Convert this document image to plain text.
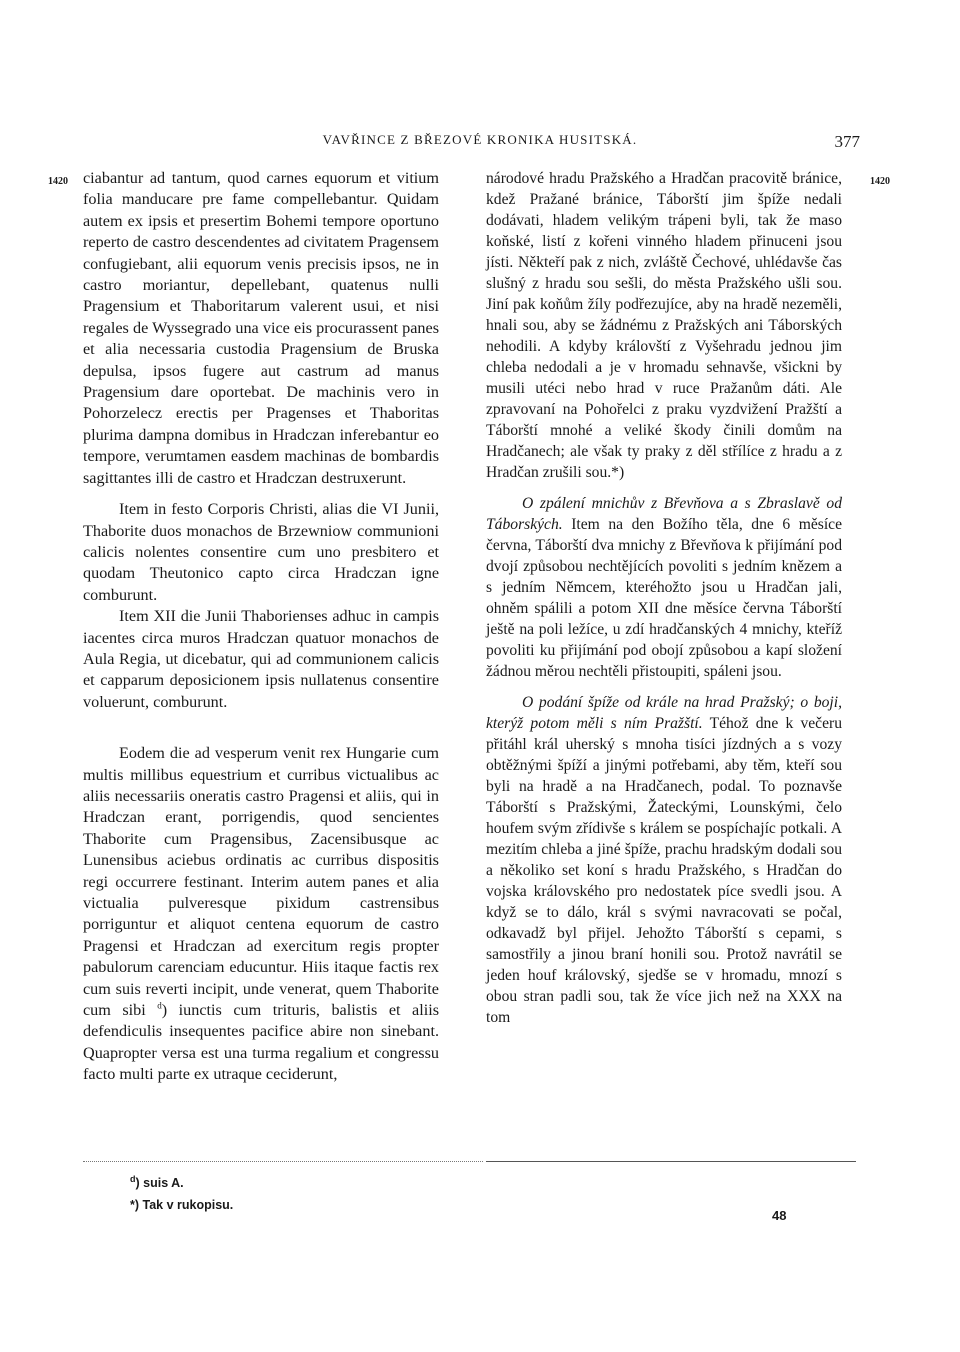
VAVŘINCE Z BŘEZOVÉ KRONIKA HUSITSKÁ.	377
1420	1420

ciabantur ad tantum, quod carnes equorum et vitium folia manducare pre fame compellebantur. Quidam autem ex ipsis et presertim Bohemi tempore oportuno reperto de castro descendentes ad civitatem Pragensem confugiebant, alii equorum venis precisis ipsos, ne in castro moriantur, depellebant, quatenus nulli Pragensium et Thaboritarum valerent usui, et nisi regales de Wyssegrado una vice eis procurassent panes et alia necessaria custodia Pragensium de Bruska depulsa, ipsos fugere aut castrum ad manus Pragensium dare oportebat. De machinis vero in Pohorzelecz erectis per Pragenses et Thaboritas plurima dampna domibus in Hradczan inferebantur eo tempore, verumtamen easdem machinas de bombardis sagittantes illi de castro et Hradczan destruxerunt.

Item in festo Corporis Christi, alias die VI Junii, Thaborite duos monachos de Brzewniow communioni calicis nolentes consentire cum uno presbitero et quodam Theutonico capto circa Hradczan igne comburunt.

Item XII die Junii Thaborienses adhuc in campis iacentes circa muros Hradczan quatuor monachos de Aula Regia, ut dicebatur, qui ad communionem calicis et capparum deposicionem ipsis nullatenus consentire voluerunt, comburunt.

Eodem die ad vesperum venit rex Hungarie cum multis millibus equestrium et curribus victualibus ac aliis necessariis oneratis castro Pragensi et aliis, qui in Hradczan erant, porrigendis, quod sencientes Thaborite cum Pragensibus, Zacensibusque ac Lunensibus aciebus ordinatis ac curribus dispositis regi occurrere festinant. Interim autem panes et alia victualia pulveresque pixidum castrensibus porriguntur et aliquot centena equorum de castro Pragensi et Hradczan ad exercitum regis propter pabulorum carenciam educuntur. Hiis itaque factis rex cum suis reverti incipit, unde venerat, quem Thaborite cum sibi $^d$) iunctis cum trituris, balistis et aliis defendiculis insequentes pacifice abire non sinebant. Quapropter versa est una turma regalium et congressu facto multi parte ex utraque ceciderunt,

národové hradu Pražského a Hradčan pracovitě bránice, kdež Pražané bránice, Táborští jim špíže nedali dodávati, hladem velikým trápeni byli, tak že maso koňské, listí z kořeni vinného hladem přinuceni jsou jísti. Někteří pak z nich, zvláště Čechové, uhlédavše čas slušný z hradu sou sešli, do města Pražského ušli sou. Jiní pak koňům žíly podřezujíce, aby na hradě nezeměli, hnali sou, aby se žádnému z Pražských ani Táborských nehodili. A kdyby královští z Vyšehradu jednou jim chleba nedodali a je v hromadu sehnavše, všickni by musili utéci nebo hrad v ruce Pražanům dáti. Ale zpravovaní na Pohořelci z praku vyzdvižení Pražští a Táborští mnohé a veliké škody činili domům na Hradčanech; ale však ty praky z děl střílíce z hradu a z Hradčan zrušili sou.*)

O zpálení mnichův z Břevňova a s Zbraslavě od Táborských. Item na den Božího těla, dne 6 měsíce června, Táborští dva mnichy z Břevňova k přijímání pod dvojí způsobou nechtějících povoliti s jedním knězem a s jedním Němcem, kteréhožto jsou u Hradčan jali, ohněm spálili a potom XII dne měsíce června Táborští ještě na poli ležíce, u zdí hradčanských 4 mnichy, kteříž povoliti ku přijímání pod obojí způsobou a kapí složení žádnou měrou nechtěli přistoupiti, spáleni jsou.

O podání špíže od krále na hrad Pražský; o boji, kterýž potom měli s ním Pražští. Téhož dne k večeru přitáhl král uherský s mnoha tisíci jízdných a s vozy obtěžnými špíží a jinými potřebami, aby těm, kteří sou byli na hradě a na Hradčanech, podal. To poznavše Táborští s Pražskými, Žateckými, Lounskými, čelo houfem svým zřídivše s králem se pospíchajíc potkali. A mezitím chleba a jiné špíže, prachu hradským dodali sou a několiko set koní s hradu Pražského, s Hradčan do vojska královského pro nedostatek píce svedli jsou. A když se to dálo, král s svými navracovati se počal, odkavadž byl přijel. Jehožto Táborští s cepami, s samostřily a jinou braní honili sou. Protož navrátil se jeden houf královský, sjedše se v hromadu, mnozí s obou stran padli sou, tak že více jich než na XXX na tom

$^d$) suis A.
*) Tak v rukopisu.
48
